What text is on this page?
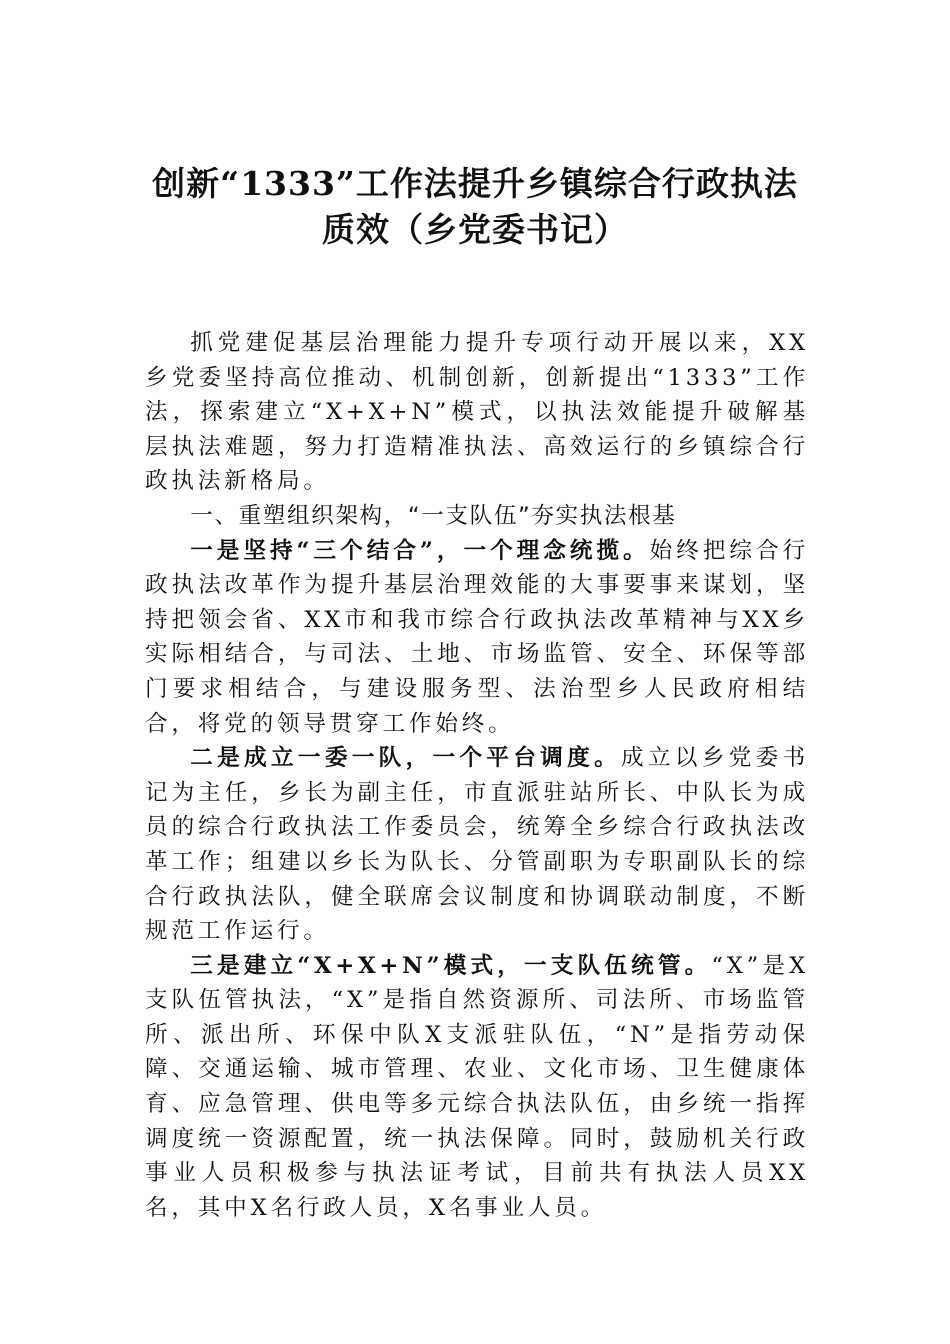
创新“1333”工作法提升乡镇综合行政执法
质效（乡党委书记）

抓党建促基层治理能力提升专项行动开展以来，XX乡党委坚持高位推动、机制创新，创新提出“1333”工作法，探索建立“X+X+N”模式，以执法效能提升破解基层执法难题，努力打造精准执法、高效运行的乡镇综合行政执法新格局。

一、重塑组织架构，“一支队伍”夯实执法根基

一是坚持“三个结合”，一个理念统揽。始终把综合行政执法改革作为提升基层治理效能的大事要事来谋划，坚持把领会省、XX市和我市综合行政执法改革精神与XX乡实际相结合，与司法、土地、市场监管、安全、环保等部门要求相结合，与建设服务型、法治型乡人民政府相结合，将党的领导贯穿工作始终。

二是成立一委一队，一个平台调度。成立以乡党委书记为主任，乡长为副主任，市直派驻站所长、中队长为成员的综合行政执法工作委员会，统筹全乡综合行政执法改革工作；组建以乡长为队长、分管副职为专职副队长的综合行政执法队，健全联席会议制度和协调联动制度，不断规范工作运行。

三是建立“X+X+N”模式，一支队伍统管。“X”是X支队伍管执法，“X”是指自然资源所、司法所、市场监管所、派出所、环保中队X支派驻队伍，“N”是指劳动保障、交通运输、城市管理、农业、文化市场、卫生健康体育、应急管理、供电等多元综合执法队伍，由乡统一指挥调度统一资源配置，统一执法保障。同时，鼓励机关行政事业人员积极参与执法证考试，目前共有执法人员XX名，其中X名行政人员，X名事业人员。
